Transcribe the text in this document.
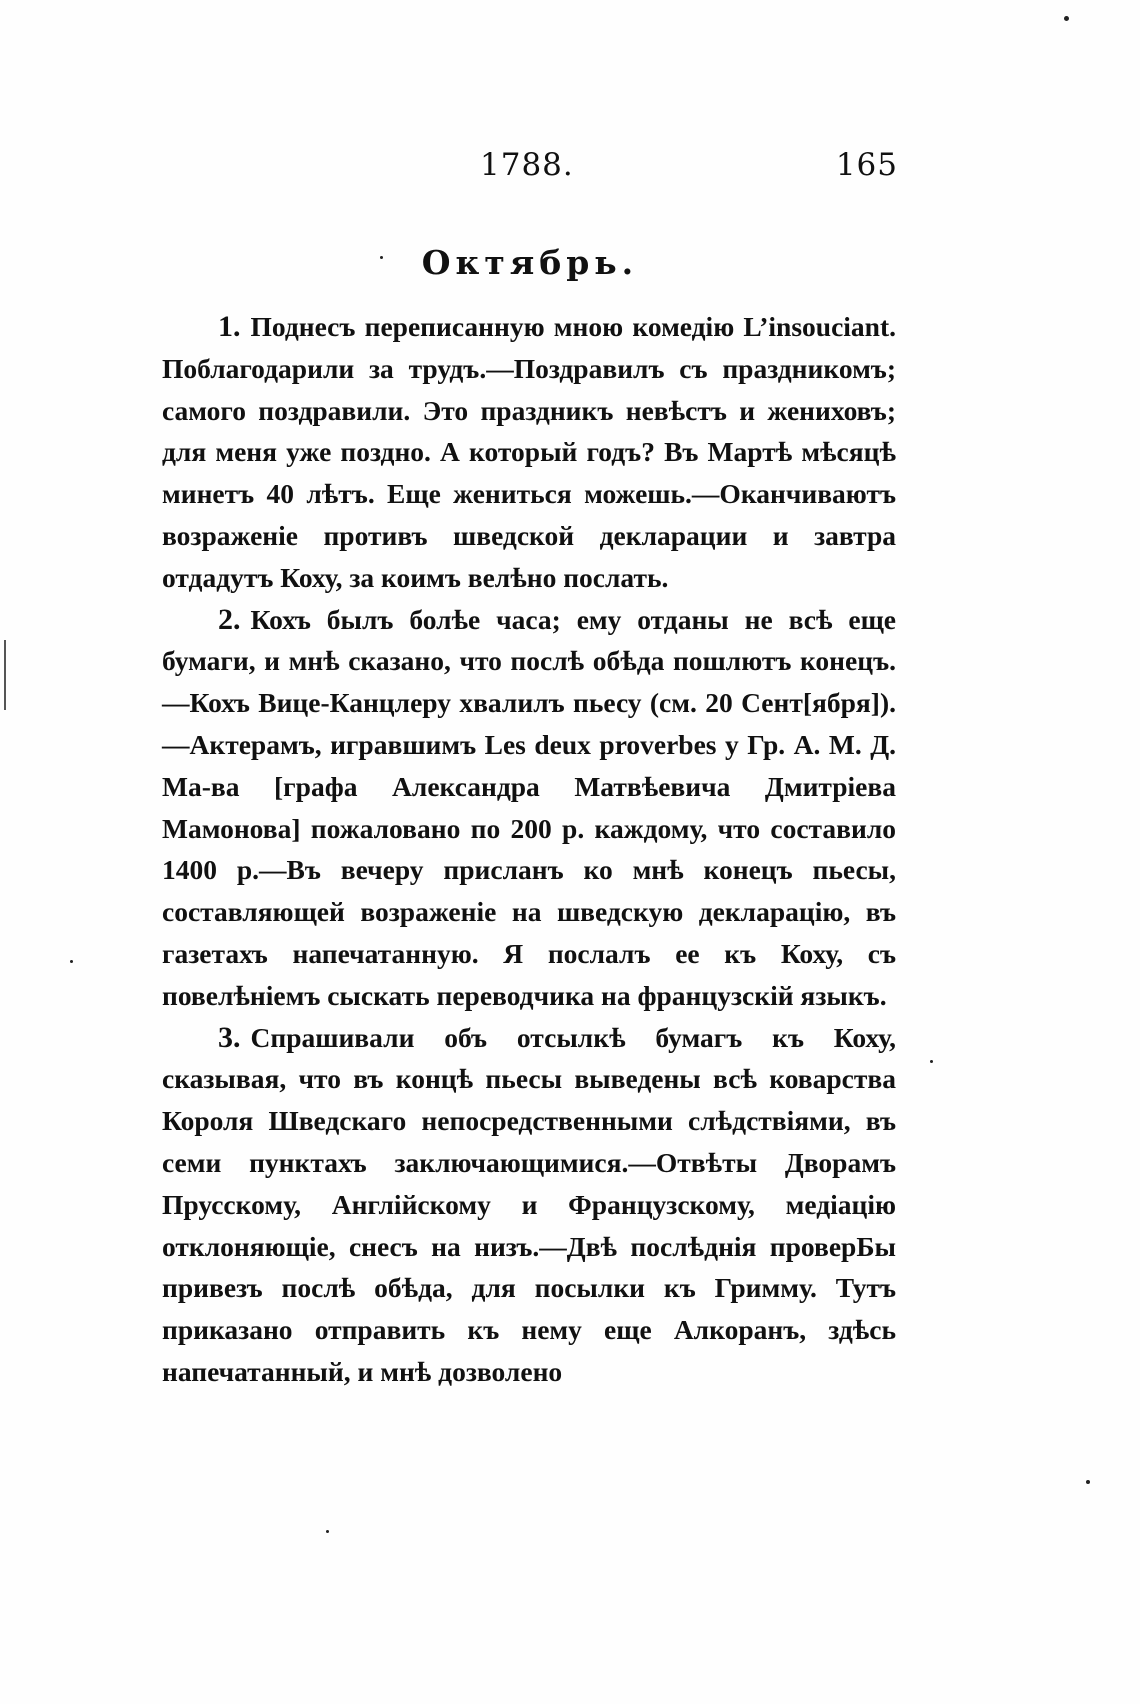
1788.	165
Октябрь.

1. Поднесъ переписанную мною комедію L’insouciant. Поблагодарили за трудъ.—Поздравилъ съ праздникомъ; самого поздравили. Это праздникъ невѣстъ и жениховъ; для меня уже поздно. А который годъ? Въ Мартѣ мѣсяцѣ минетъ 40 лѣтъ. Еще жениться можешь.—Оканчиваютъ возраженіе противъ шведской декларации и завтра отдадутъ Коху, за коимъ велѣно послать.

2. Кохъ былъ болѣе часа; ему отданы не всѣ еще бумаги, и мнѣ сказано, что послѣ обѣда пошлютъ конецъ.—Кохъ Вице-Канцлеру хвалилъ пьесу (см. 20 Сент[ября]).—Актерамъ, игравшимъ Les deux proverbes у Гр. А. М. Д. Ма-ва [графа Александра Матвѣевича Дмитріева Мамонова] пожаловано по 200 р. каждому, что составило 1400 р.—Въ вечеру присланъ ко мнѣ конецъ пьесы, составляющей возраженіе на шведскую декларацію, въ газетахъ напечатанную. Я послалъ ее къ Коху, съ повелѣніемъ сыскать переводчика на французскій языкъ.

3. Спрашивали объ отсылкѣ бумагъ къ Коху, сказывая, что въ концѣ пьесы выведены всѣ коварства Короля Шведскаго непосредственными слѣдствіями, въ семи пунктахъ заключающимися.—Отвѣты Дворамъ Прусскому, Англійскому и Французскому, медіацію отклоняющіе, снесъ на низъ.—Двѣ послѣднія проверБы привезъ послѣ обѣда, для посылки къ Гримму. Тутъ приказано отправить къ нему еще Алкоранъ, здѣсь напечатанный, и мнѣ дозволено
